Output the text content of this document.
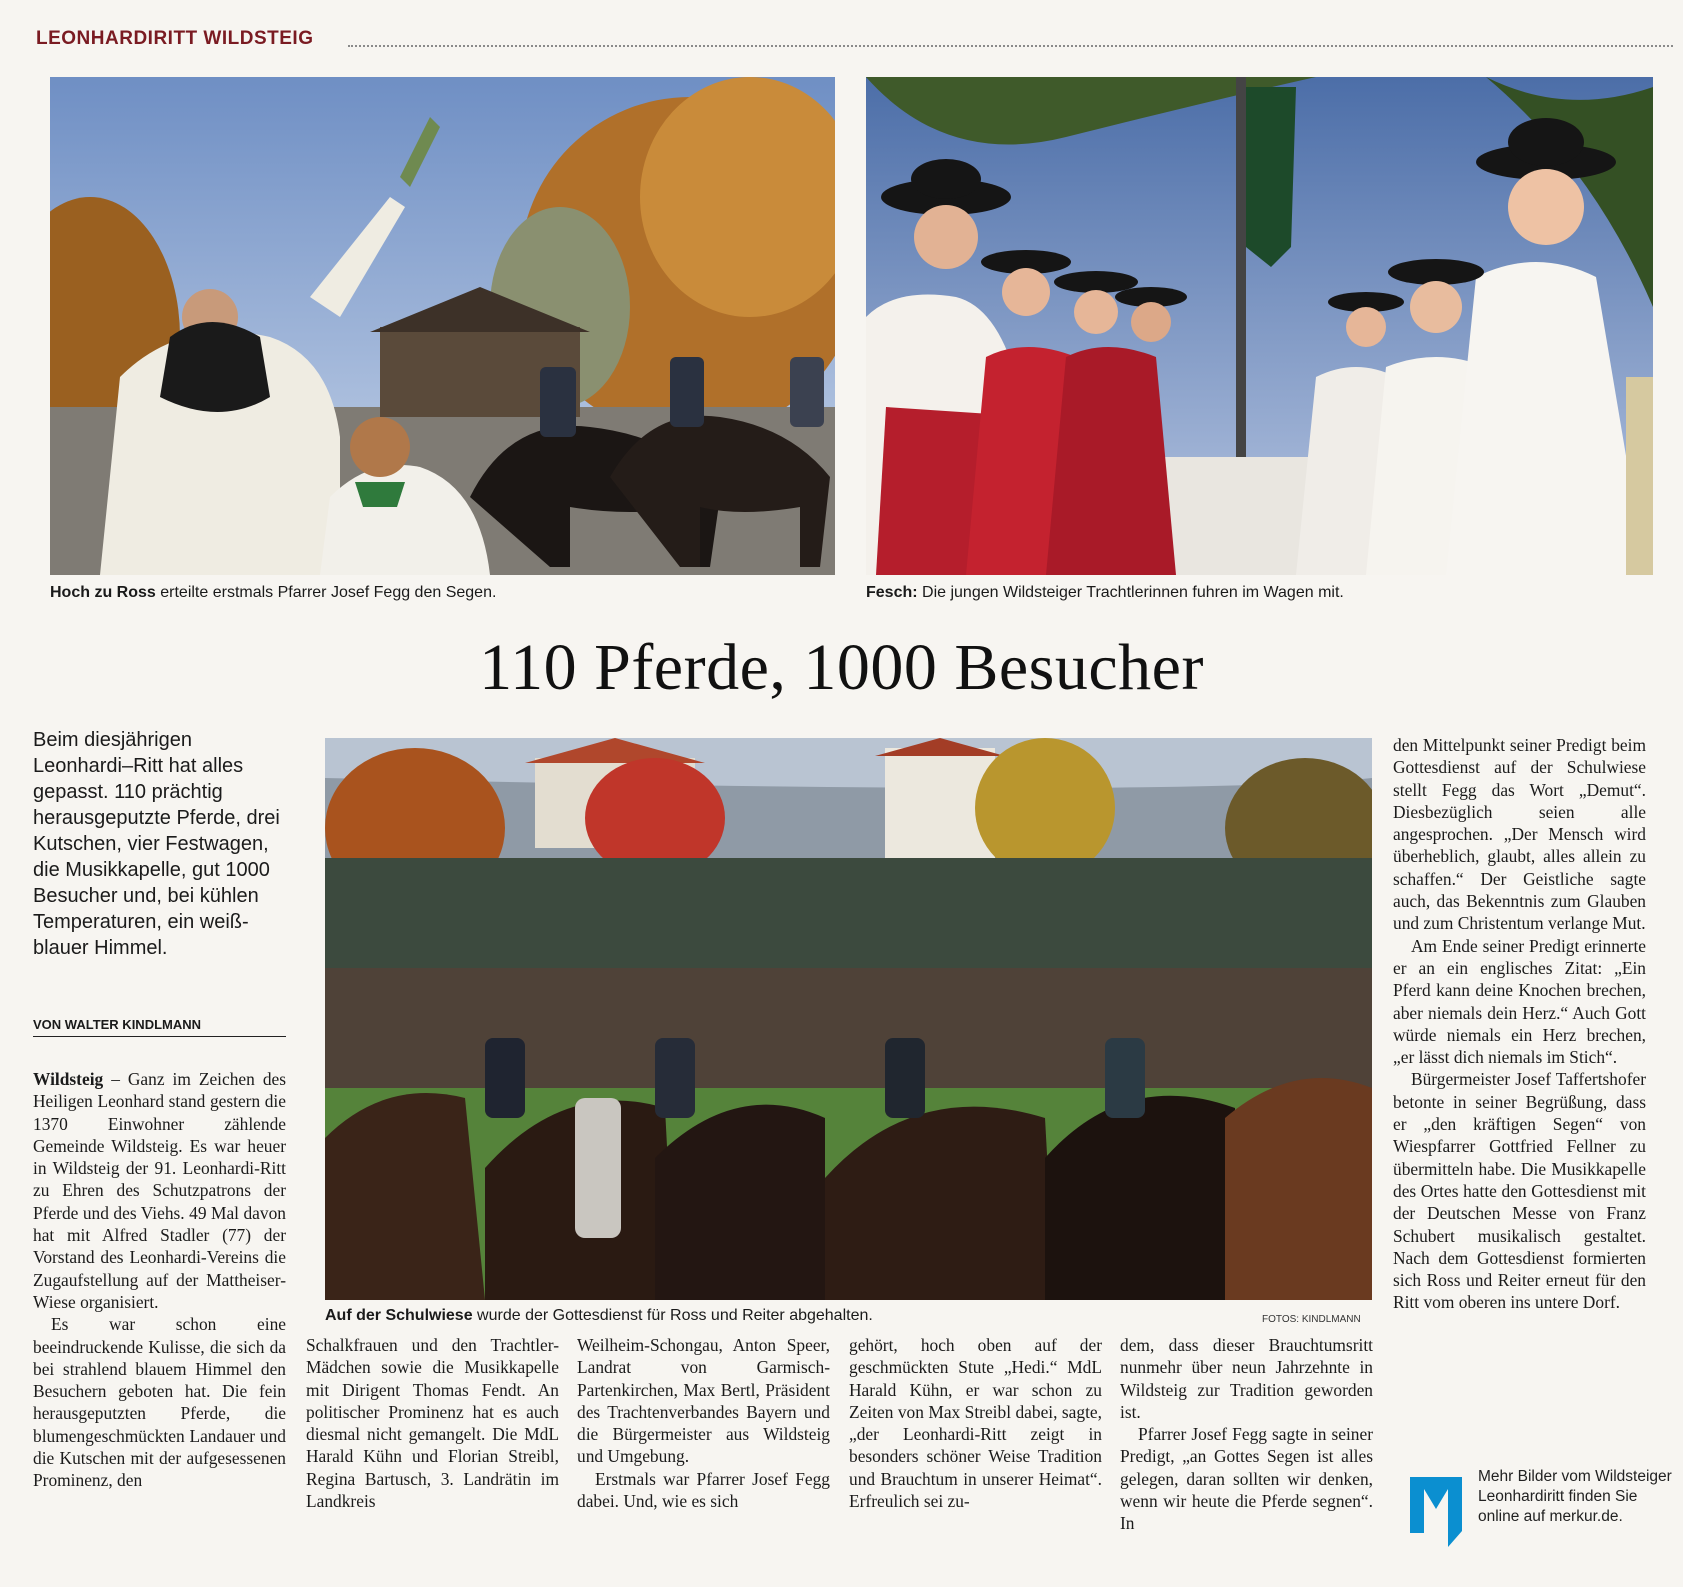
LEONHARDIRITT WILDSTEIG
Hoch zu Ross erteilte erstmals Pfarrer Josef Fegg den Segen.	Fesch: Die jungen Wildsteiger Trachtlerinnen fuhren im Wagen mit.
110 Pferde, 1000 Besucher
Beim diesjährigen Leonhardi–Ritt hat alles gepasst. 110 prächtig herausgeputzte Pferde, drei Kutschen, vier Festwagen, die Musikkapelle, gut 1000 Besucher und, bei kühlen Temperaturen, ein weiß-blauer Himmel.
VON WALTER KINDLMANN
Auf der Schulwiese wurde der Gottesdienst für Ross und Reiter abgehalten.	FOTOS: KINDLMANN

Wildsteig – Ganz im Zeichen des Heiligen Leonhard stand gestern die 1370 Einwohner zählende Gemeinde Wildsteig. Es war heuer in Wildsteig der 91. Leonhardi-Ritt zu Ehren des Schutzpatrons der Pferde und des Viehs. 49 Mal davon hat mit Alfred Stadler (77) der Vorstand des Leonhardi-Vereins die Zugaufstellung auf der Mattheiser-Wiese organisiert.

Es war schon eine beeindruckende Kulisse, die sich da bei strahlend blauem Himmel den Besuchern geboten hat. Die fein herausgeputzten Pferde, die blumengeschmückten Landauer und die Kutschen mit der aufgesessenen Prominenz, den

Schalkfrauen und den Trachtler-Mädchen sowie die Musikkapelle mit Dirigent Thomas Fendt. An politischer Prominenz hat es auch diesmal nicht gemangelt. Die MdL Harald Kühn und Florian Streibl, Regina Bartusch, 3. Landrätin im Landkreis

Weilheim-Schongau, Anton Speer, Landrat von Garmisch-Partenkirchen, Max Bertl, Präsident des Trachtenverbandes Bayern und die Bürgermeister aus Wildsteig und Umgebung.

Erstmals war Pfarrer Josef Fegg dabei. Und, wie es sich

gehört, hoch oben auf der geschmückten Stute „Hedi.“ MdL Harald Kühn, er war schon zu Zeiten von Max Streibl dabei, sagte, „der Leonhardi-Ritt zeigt in besonders schöner Weise Tradition und Brauchtum in unserer Heimat“. Erfreulich sei zu-

dem, dass dieser Brauchtumsritt nunmehr über neun Jahrzehnte in Wildsteig zur Tradition geworden ist.

Pfarrer Josef Fegg sagte in seiner Predigt, „an Gottes Segen ist alles gelegen, daran sollten wir denken, wenn wir heute die Pferde segnen“. In

den Mittelpunkt seiner Predigt beim Gottesdienst auf der Schulwiese stellt Fegg das Wort „Demut“. Diesbezüglich seien alle angesprochen. „Der Mensch wird überheblich, glaubt, alles allein zu schaffen.“ Der Geistliche sagte auch, das Bekenntnis zum Glauben und zum Christentum verlange Mut.

Am Ende seiner Predigt erinnerte er an ein englisches Zitat: „Ein Pferd kann deine Knochen brechen, aber niemals dein Herz.“ Auch Gott würde niemals ein Herz brechen, „er lässt dich niemals im Stich“.

Bürgermeister Josef Taffertshofer betonte in seiner Begrüßung, dass er „den kräftigen Segen“ von Wiespfarrer Gottfried Fellner zu übermitteln habe. Die Musikkapelle des Ortes hatte den Gottesdienst mit der Deutschen Messe von Franz Schubert musikalisch gestaltet. Nach dem Gottesdienst formierten sich Ross und Reiter erneut für den Ritt vom oberen ins untere Dorf.

Mehr Bilder vom Wildsteiger Leonhardiritt finden Sie online auf merkur.de.
